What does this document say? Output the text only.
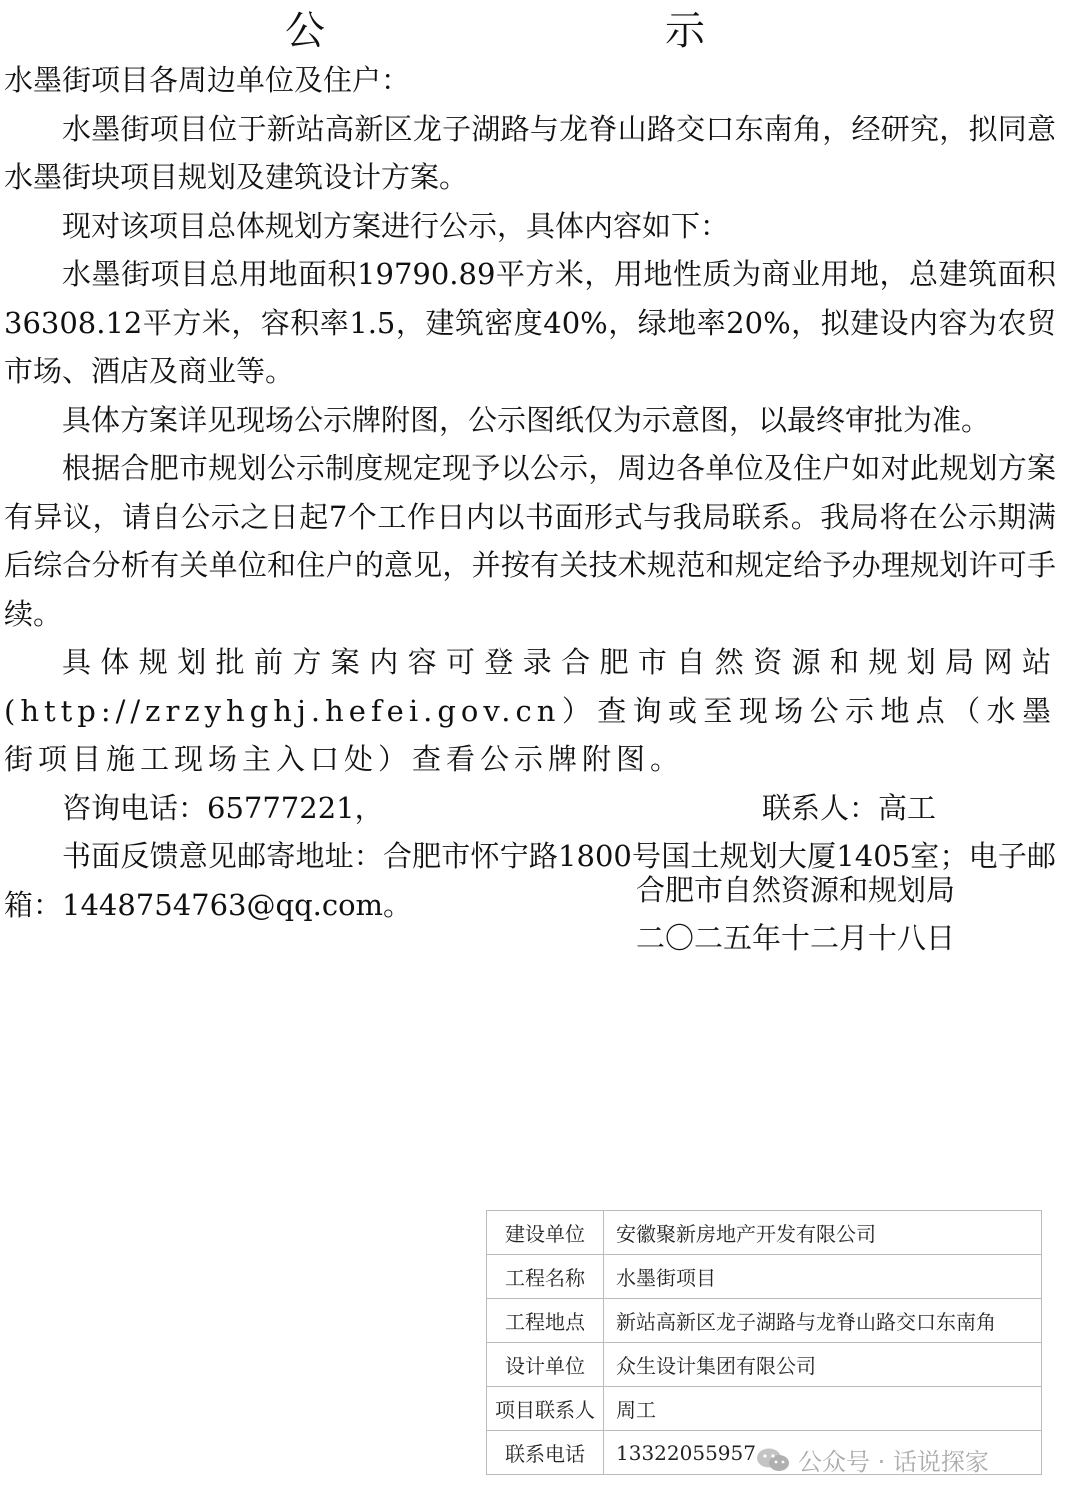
公　示

水墨街项目各周边单位及住户：

水墨街项目位于新站高新区龙子湖路与龙脊山路交口东南角，经研究，拟同意水墨街块项目规划及建筑设计方案。

现对该项目总体规划方案进行公示，具体内容如下：

水墨街项目总用地面积19790.89平方米，用地性质为商业用地，总建筑面积36308.12平方米，容积率1.5，建筑密度40%，绿地率20%，拟建设内容为农贸市场、酒店及商业等。

具体方案详见现场公示牌附图，公示图纸仅为示意图，以最终审批为准。

根据合肥市规划公示制度规定现予以公示，周边各单位及住户如对此规划方案有异议，请自公示之日起7个工作日内以书面形式与我局联系。我局将在公示期满后综合分析有关单位和住户的意见，并按有关技术规范和规定给予办理规划许可手续。

具体规划批前方案内容可登录合肥市自然资源和规划局网站(http://zrzyhghj.hefei.gov.cn）查询或至现场公示地点（水墨街项目施工现场主入口处）查看公示牌附图。

咨询电话：65777221，	联系人：高工

书面反馈意见邮寄地址：合肥市怀宁路1800号国土规划大厦1405室；电子邮箱：1448754763@qq.com。	合肥市自然资源和规划局
二〇二五年十二月十八日
建设单位	安徽聚新房地产开发有限公司
工程名称	水墨街项目
工程地点	新站高新区龙子湖路与龙脊山路交口东南角
设计单位	众生设计集团有限公司
项目联系人	周工
联系电话	13322055957 公众号 · 话说探家
